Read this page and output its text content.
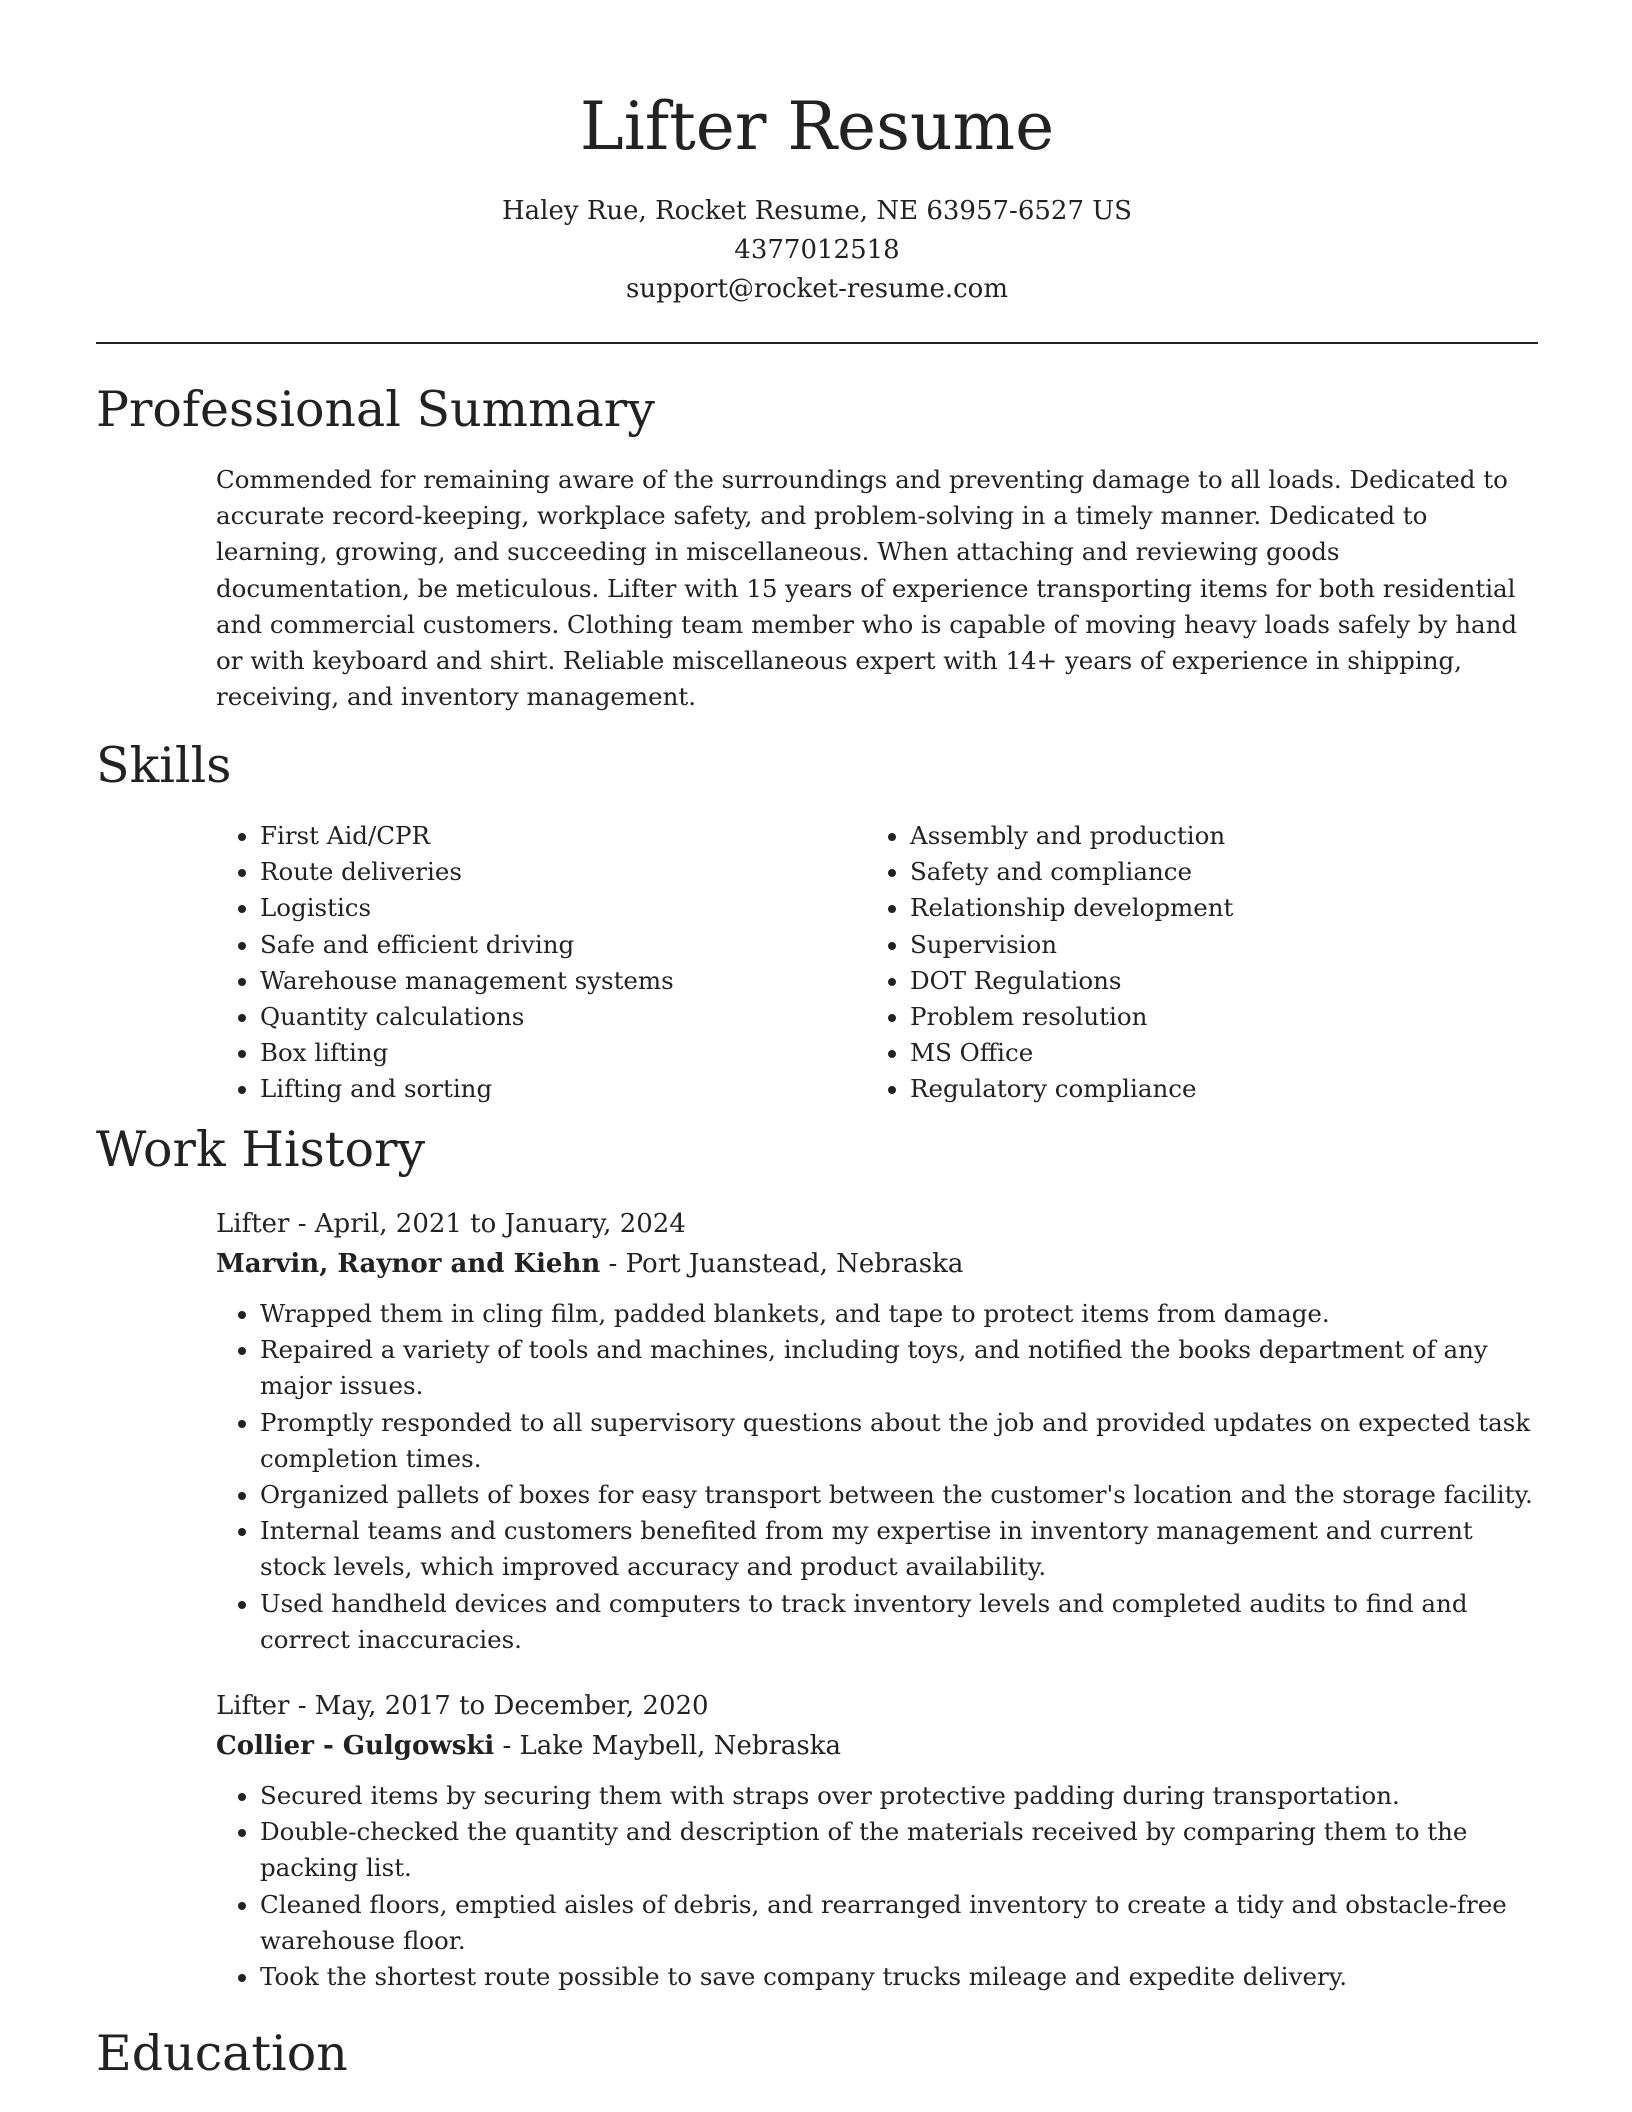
Lifter Resume
Haley Rue, Rocket Resume, NE 63957-6527 US
4377012518
support@rocket-resume.com
Professional Summary

Commended for remaining aware of the surroundings and preventing damage to all loads. Dedicated to accurate record-keeping, workplace safety, and problem-solving in a timely manner. Dedicated to learning, growing, and succeeding in miscellaneous. When attaching and reviewing goods documentation, be meticulous. Lifter with 15 years of experience transporting items for both residential and commercial customers. Clothing team member who is capable of moving heavy loads safely by hand or with keyboard and shirt. Reliable miscellaneous expert with 14+ years of experience in shipping, receiving, and inventory management.

Skills
• First Aid/CPR
• Route deliveries
• Logistics
• Safe and efficient driving
• Warehouse management systems
• Quantity calculations
• Box lifting
• Lifting and sorting
• Assembly and production
• Safety and compliance
• Relationship development
• Supervision
• DOT Regulations
• Problem resolution
• MS Office
• Regulatory compliance
Work History
Lifter - April, 2021 to January, 2024
Marvin, Raynor and Kiehn - Port Juanstead, Nebraska
• Wrapped them in cling film, padded blankets, and tape to protect items from damage.
• Repaired a variety of tools and machines, including toys, and notified the books department of any major issues.
• Promptly responded to all supervisory questions about the job and provided updates on expected task completion times.
• Organized pallets of boxes for easy transport between the customer's location and the storage facility.
• Internal teams and customers benefited from my expertise in inventory management and current stock levels, which improved accuracy and product availability.
• Used handheld devices and computers to track inventory levels and completed audits to find and correct inaccuracies.
Lifter - May, 2017 to December, 2020
Collier - Gulgowski - Lake Maybell, Nebraska
• Secured items by securing them with straps over protective padding during transportation.
• Double-checked the quantity and description of the materials received by comparing them to the packing list.
• Cleaned floors, emptied aisles of debris, and rearranged inventory to create a tidy and obstacle-free warehouse floor.
• Took the shortest route possible to save company trucks mileage and expedite delivery.
Education
